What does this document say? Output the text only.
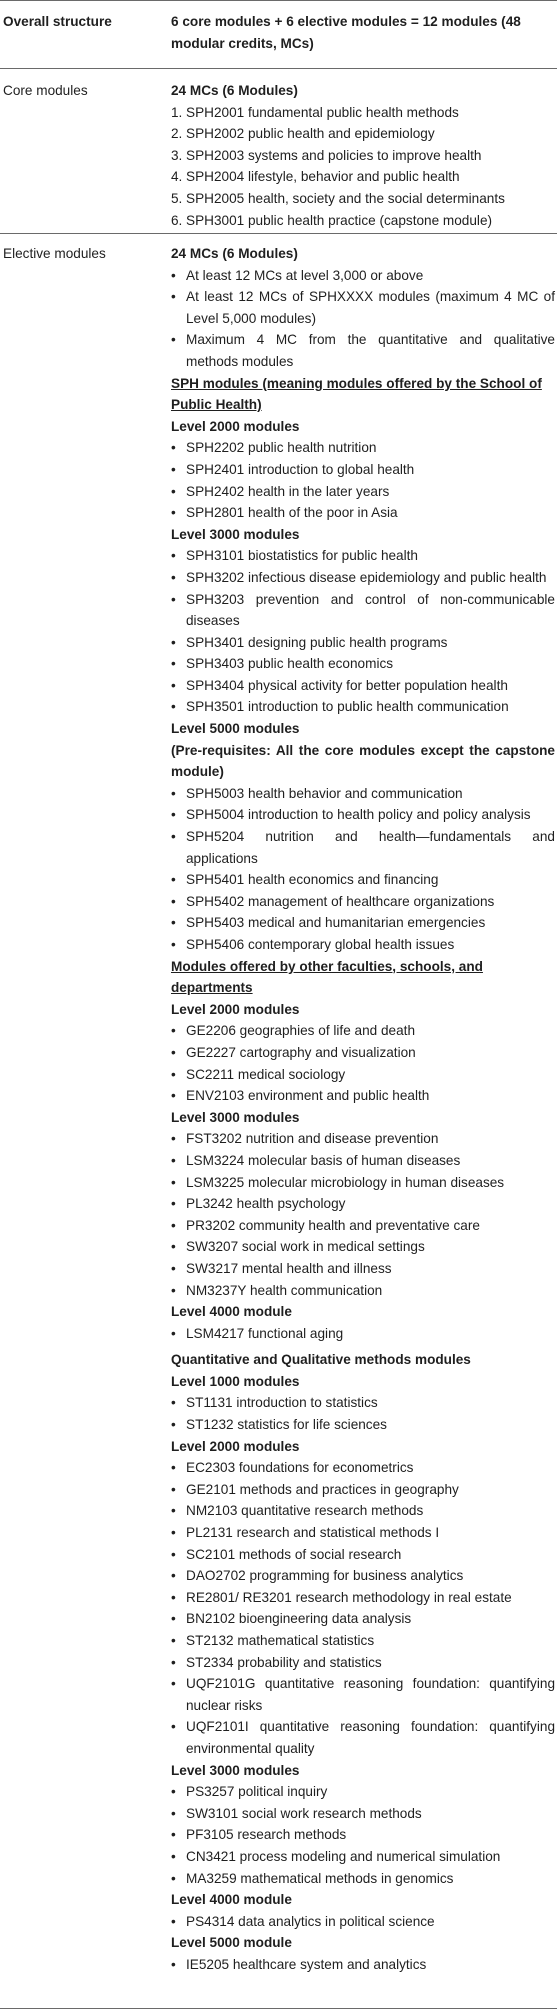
Overall structure	6 core modules + 6 elective modules = 12 modules (48 modular credits, MCs)
Core modules	24 MCs (6 Modules)
1. SPH2001 fundamental public health methods
2. SPH2002 public health and epidemiology
3. SPH2003 systems and policies to improve health
4. SPH2004 lifestyle, behavior and public health
5. SPH2005 health, society and the social determinants
6. SPH3001 public health practice (capstone module)
Elective modules	24 MCs (6 Modules)
• At least 12 MCs at level 3,000 or above
• At least 12 MCs of SPHXXXX modules (maximum 4 MC of Level 5,000 modules)
• Maximum 4 MC from the quantitative and qualitative methods modules
SPH modules (meaning modules offered by the School of Public Health)
Level 2000 modules
• SPH2202 public health nutrition
• SPH2401 introduction to global health
• SPH2402 health in the later years
• SPH2801 health of the poor in Asia
Level 3000 modules
• SPH3101 biostatistics for public health
• SPH3202 infectious disease epidemiology and public health
• SPH3203 prevention and control of non-communicable diseases
• SPH3401 designing public health programs
• SPH3403 public health economics
• SPH3404 physical activity for better population health
• SPH3501 introduction to public health communication
Level 5000 modules
(Pre-requisites: All the core modules except the capstone module)
• SPH5003 health behavior and communication
• SPH5004 introduction to health policy and policy analysis
• SPH5204 nutrition and health—fundamentals and applications
• SPH5401 health economics and financing
• SPH5402 management of healthcare organizations
• SPH5403 medical and humanitarian emergencies
• SPH5406 contemporary global health issues
Modules offered by other faculties, schools, and departments
Level 2000 modules
• GE2206 geographies of life and death
• GE2227 cartography and visualization
• SC2211 medical sociology
• ENV2103 environment and public health
Level 3000 modules
• FST3202 nutrition and disease prevention
• LSM3224 molecular basis of human diseases
• LSM3225 molecular microbiology in human diseases
• PL3242 health psychology
• PR3202 community health and preventative care
• SW3207 social work in medical settings
• SW3217 mental health and illness
• NM3237Y health communication
Level 4000 module
• LSM4217 functional aging
Quantitative and Qualitative methods modules
Level 1000 modules
• ST1131 introduction to statistics
• ST1232 statistics for life sciences
Level 2000 modules
• EC2303 foundations for econometrics
• GE2101 methods and practices in geography
• NM2103 quantitative research methods
• PL2131 research and statistical methods I
• SC2101 methods of social research
• DAO2702 programming for business analytics
• RE2801/ RE3201 research methodology in real estate
• BN2102 bioengineering data analysis
• ST2132 mathematical statistics
• ST2334 probability and statistics
• UQF2101G quantitative reasoning foundation: quantifying nuclear risks
• UQF2101I quantitative reasoning foundation: quantifying environmental quality
Level 3000 modules
• PS3257 political inquiry
• SW3101 social work research methods
• PF3105 research methods
• CN3421 process modeling and numerical simulation
• MA3259 mathematical methods in genomics
Level 4000 module
• PS4314 data analytics in political science
Level 5000 module
• IE5205 healthcare system and analytics
